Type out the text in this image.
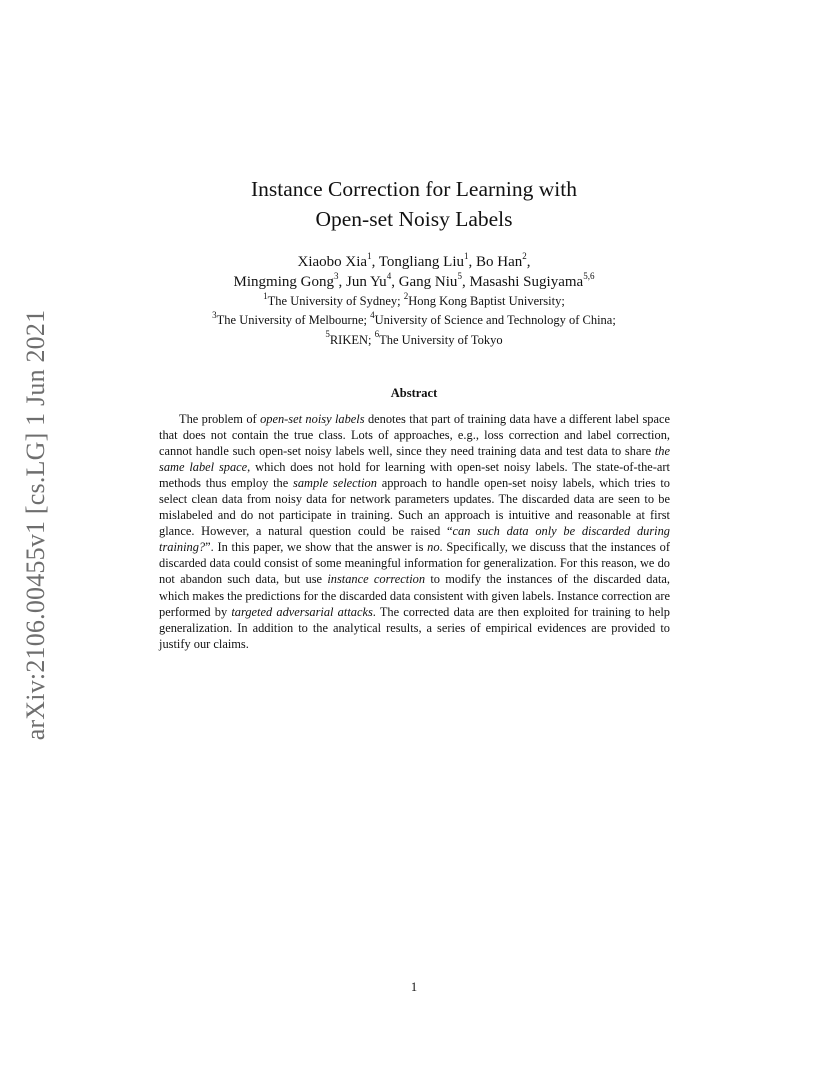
arXiv:2106.00455v1 [cs.LG] 1 Jun 2021
Instance Correction for Learning with
Open-set Noisy Labels
Xiaobo Xia$^1$, Tongliang Liu$^1$, Bo Han$^2$,
Mingming Gong$^3$, Jun Yu$^4$, Gang Niu$^5$, Masashi Sugiyama$^{5,6}$
$^1$The University of Sydney; $^2$Hong Kong Baptist University;
$^3$The University of Melbourne; $^4$University of Science and Technology of China;
$^5$RIKEN; $^6$The University of Tokyo
Abstract

The problem of open-set noisy labels denotes that part of training data have a different label space that does not contain the true class. Lots of approaches, e.g., loss correction and label correction, cannot handle such open-set noisy labels well, since they need training data and test data to share the same label space, which does not hold for learning with open-set noisy labels. The state-of-the-art methods thus employ the sample selection approach to handle open-set noisy labels, which tries to select clean data from noisy data for network parameters updates. The discarded data are seen to be mislabeled and do not participate in training. Such an approach is intuitive and reasonable at first glance. However, a natural question could be raised “can such data only be discarded during training?”. In this paper, we show that the answer is no. Specifically, we discuss that the instances of discarded data could consist of some meaningful information for generalization. For this reason, we do not abandon such data, but use instance correction to modify the instances of the discarded data, which makes the predictions for the discarded data consistent with given labels. Instance correction are performed by targeted adversarial attacks. The corrected data are then exploited for training to help generalization. In addition to the analytical results, a series of empirical evidences are provided to justify our claims.

1
